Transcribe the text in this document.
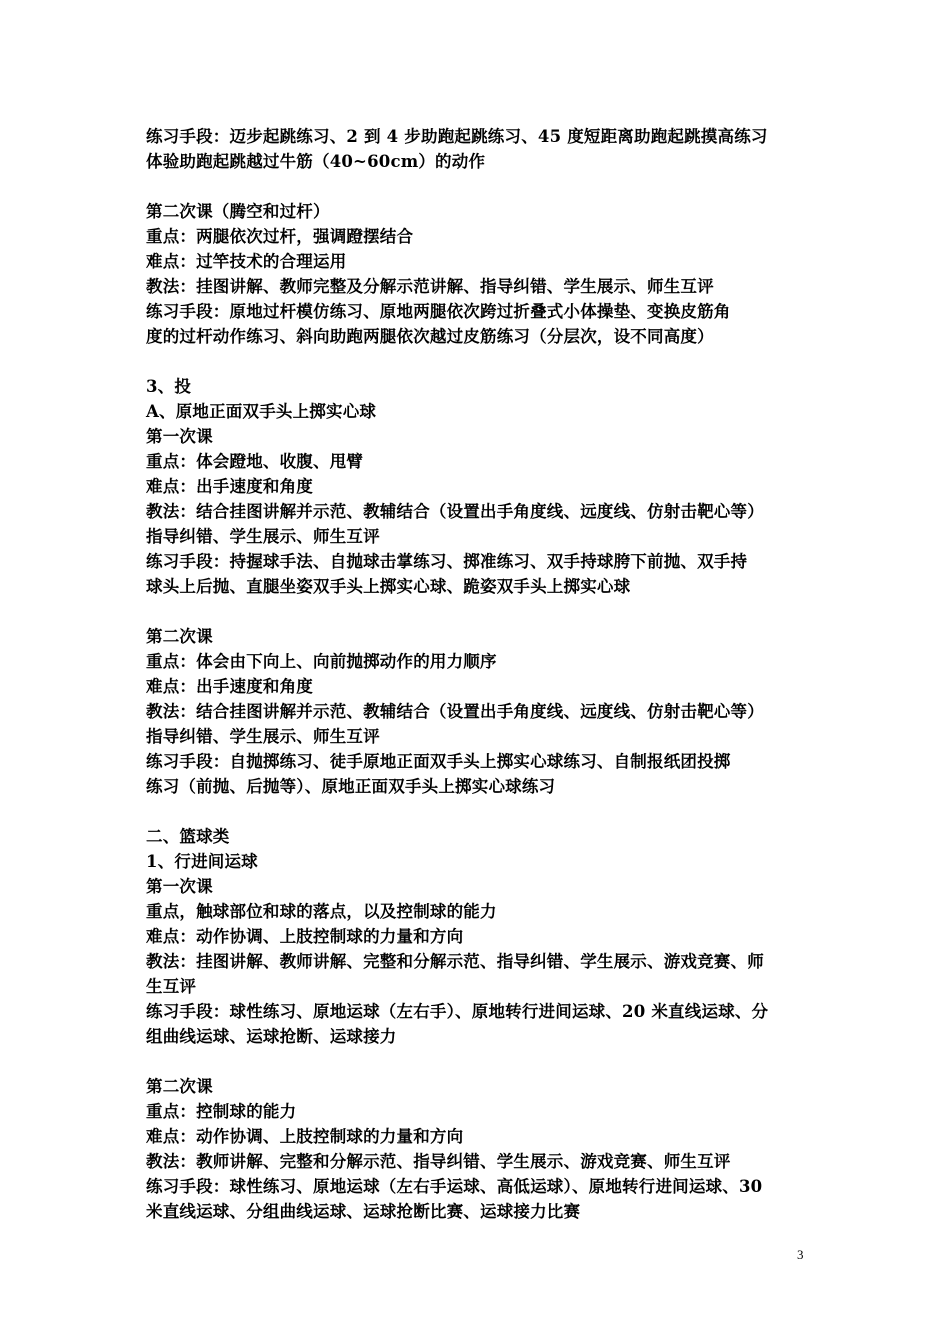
练习手段：迈步起跳练习、2 到 4 步助跑起跳练习、45 度短距离助跑起跳摸高练习
体验助跑起跳越过牛筋（40~60cm）的动作
第二次课（腾空和过杆）
重点：两腿依次过杆，强调蹬摆结合
难点：过竿技术的合理运用
教法：挂图讲解、教师完整及分解示范讲解、指导纠错、学生展示、师生互评
练习手段：原地过杆模仿练习、原地两腿依次跨过折叠式小体操垫、变换皮筋角
度的过杆动作练习、斜向助跑两腿依次越过皮筋练习（分层次，设不同高度）
3、投
A、原地正面双手头上掷实心球
第一次课
重点：体会蹬地、收腹、甩臂
难点：出手速度和角度
教法：结合挂图讲解并示范、教辅结合（设置出手角度线、远度线、仿射击靶心等）
指导纠错、学生展示、师生互评
练习手段：持握球手法、自抛球击掌练习、掷准练习、双手持球胯下前抛、双手持
球头上后抛、直腿坐姿双手头上掷实心球、跪姿双手头上掷实心球
第二次课
重点：体会由下向上、向前抛掷动作的用力顺序
难点：出手速度和角度
教法：结合挂图讲解并示范、教辅结合（设置出手角度线、远度线、仿射击靶心等）
指导纠错、学生展示、师生互评
练习手段：自抛掷练习、徒手原地正面双手头上掷实心球练习、自制报纸团投掷
练习（前抛、后抛等）、原地正面双手头上掷实心球练习
二、篮球类
1、行进间运球
第一次课
重点，触球部位和球的落点，以及控制球的能力
难点：动作协调、上肢控制球的力量和方向
教法：挂图讲解、教师讲解、完整和分解示范、指导纠错、学生展示、游戏竞赛、师
生互评
练习手段：球性练习、原地运球（左右手）、原地转行进间运球、20 米直线运球、分
组曲线运球、运球抢断、运球接力
第二次课
重点：控制球的能力
难点：动作协调、上肢控制球的力量和方向
教法：教师讲解、完整和分解示范、指导纠错、学生展示、游戏竞赛、师生互评
练习手段：球性练习、原地运球（左右手运球、高低运球）、原地转行进间运球、30
米直线运球、分组曲线运球、运球抢断比赛、运球接力比赛
3
